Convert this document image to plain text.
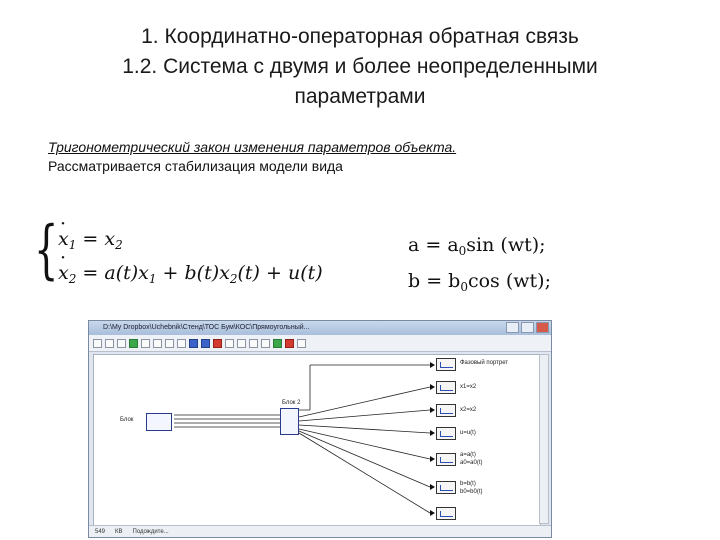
1. Координатно-операторная обратная связь
1.2. Система с двумя и более неопределенными
параметрами
Тригонометрический закон изменения параметров объекта.
Рассматривается стабилизация модели вида
{
· $x_1 = x_2$
· $x_2 = a(t)x_1 + b(t)x_2(t) + u(t)$
$a = a_0\sin$ (wt);
$b = b_0\cos$ (wt);
D:\My Dropbox\Uchebnik\Стенд\ТОС Бум\КОС\Прямоугольный...
Блок
Блок 2
Фазовый портрет
x1=x2
x2=x2
u=u(t)
a=a(t)
a0=a0(t)
b=b(t)
b0=b0(t)
549 КВ Подождите...
